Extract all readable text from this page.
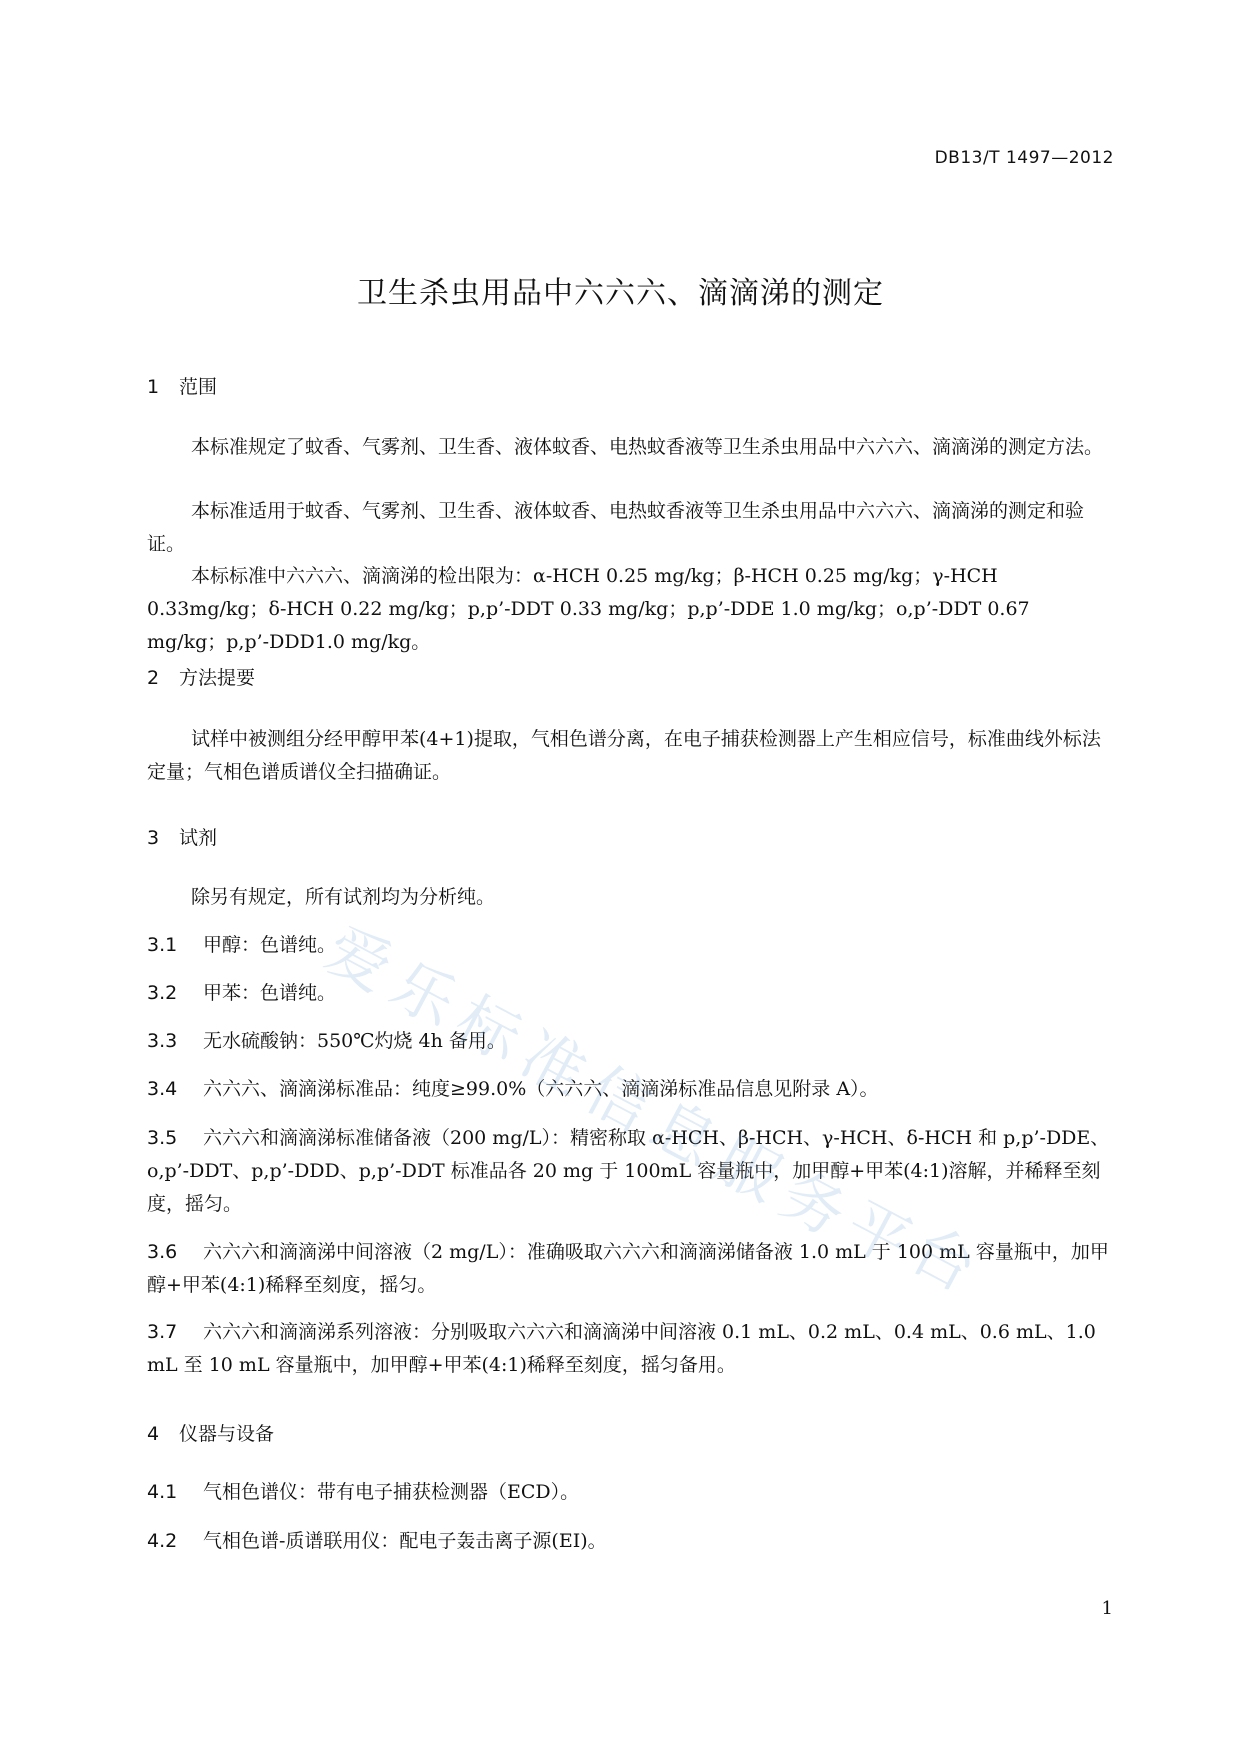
DB13/T 1497—2012
卫生杀虫用品中六六六、滴滴涕的测定
1 范围
本标准规定了蚊香、气雾剂、卫生香、液体蚊香、电热蚊香液等卫生杀虫用品中六六六、滴滴涕的测定方法。
本标准适用于蚊香、气雾剂、卫生香、液体蚊香、电热蚊香液等卫生杀虫用品中六六六、滴滴涕的测定和验证。
本标标准中六六六、滴滴涕的检出限为：α-HCH 0.25 mg/kg；β-HCH 0.25 mg/kg；γ-HCH 0.33mg/kg；δ-HCH 0.22 mg/kg；p,p’-DDT 0.33 mg/kg；p,p’-DDE 1.0 mg/kg；o,p’-DDT 0.67 mg/kg；p,p’-DDD1.0 mg/kg。
2 方法提要
试样中被测组分经甲醇甲苯(4+1)提取，气相色谱分离，在电子捕获检测器上产生相应信号，标准曲线外标法定量；气相色谱质谱仪全扫描确证。
3 试剂
除另有规定，所有试剂均为分析纯。
3.1 甲醇：色谱纯。
3.2 甲苯：色谱纯。
3.3 无水硫酸钠：550℃灼烧 4h 备用。
3.4 六六六、滴滴涕标准品：纯度≥99.0%（六六六、滴滴涕标准品信息见附录 A）。
3.5 六六六和滴滴涕标准储备液（200 mg/L）：精密称取 α-HCH、β-HCH、γ-HCH、δ-HCH 和 p,p’-DDE、o,p’-DDT、p,p’-DDD、p,p’-DDT 标准品各 20 mg 于 100mL 容量瓶中，加甲醇+甲苯(4:1)溶解，并稀释至刻度，摇匀。
3.6 六六六和滴滴涕中间溶液（2 mg/L）：准确吸取六六六和滴滴涕储备液 1.0 mL 于 100 mL 容量瓶中，加甲醇+甲苯(4:1)稀释至刻度，摇匀。
3.7 六六六和滴滴涕系列溶液：分别吸取六六六和滴滴涕中间溶液 0.1 mL、0.2 mL、0.4 mL、0.6 mL、1.0 mL 至 10 mL 容量瓶中，加甲醇+甲苯(4:1)稀释至刻度，摇匀备用。
4 仪器与设备
4.1 气相色谱仪：带有电子捕获检测器（ECD）。
4.2 气相色谱-质谱联用仪：配电子轰击离子源(EI)。
爱
乐
标
准
信
息
服
务
平
台
1
